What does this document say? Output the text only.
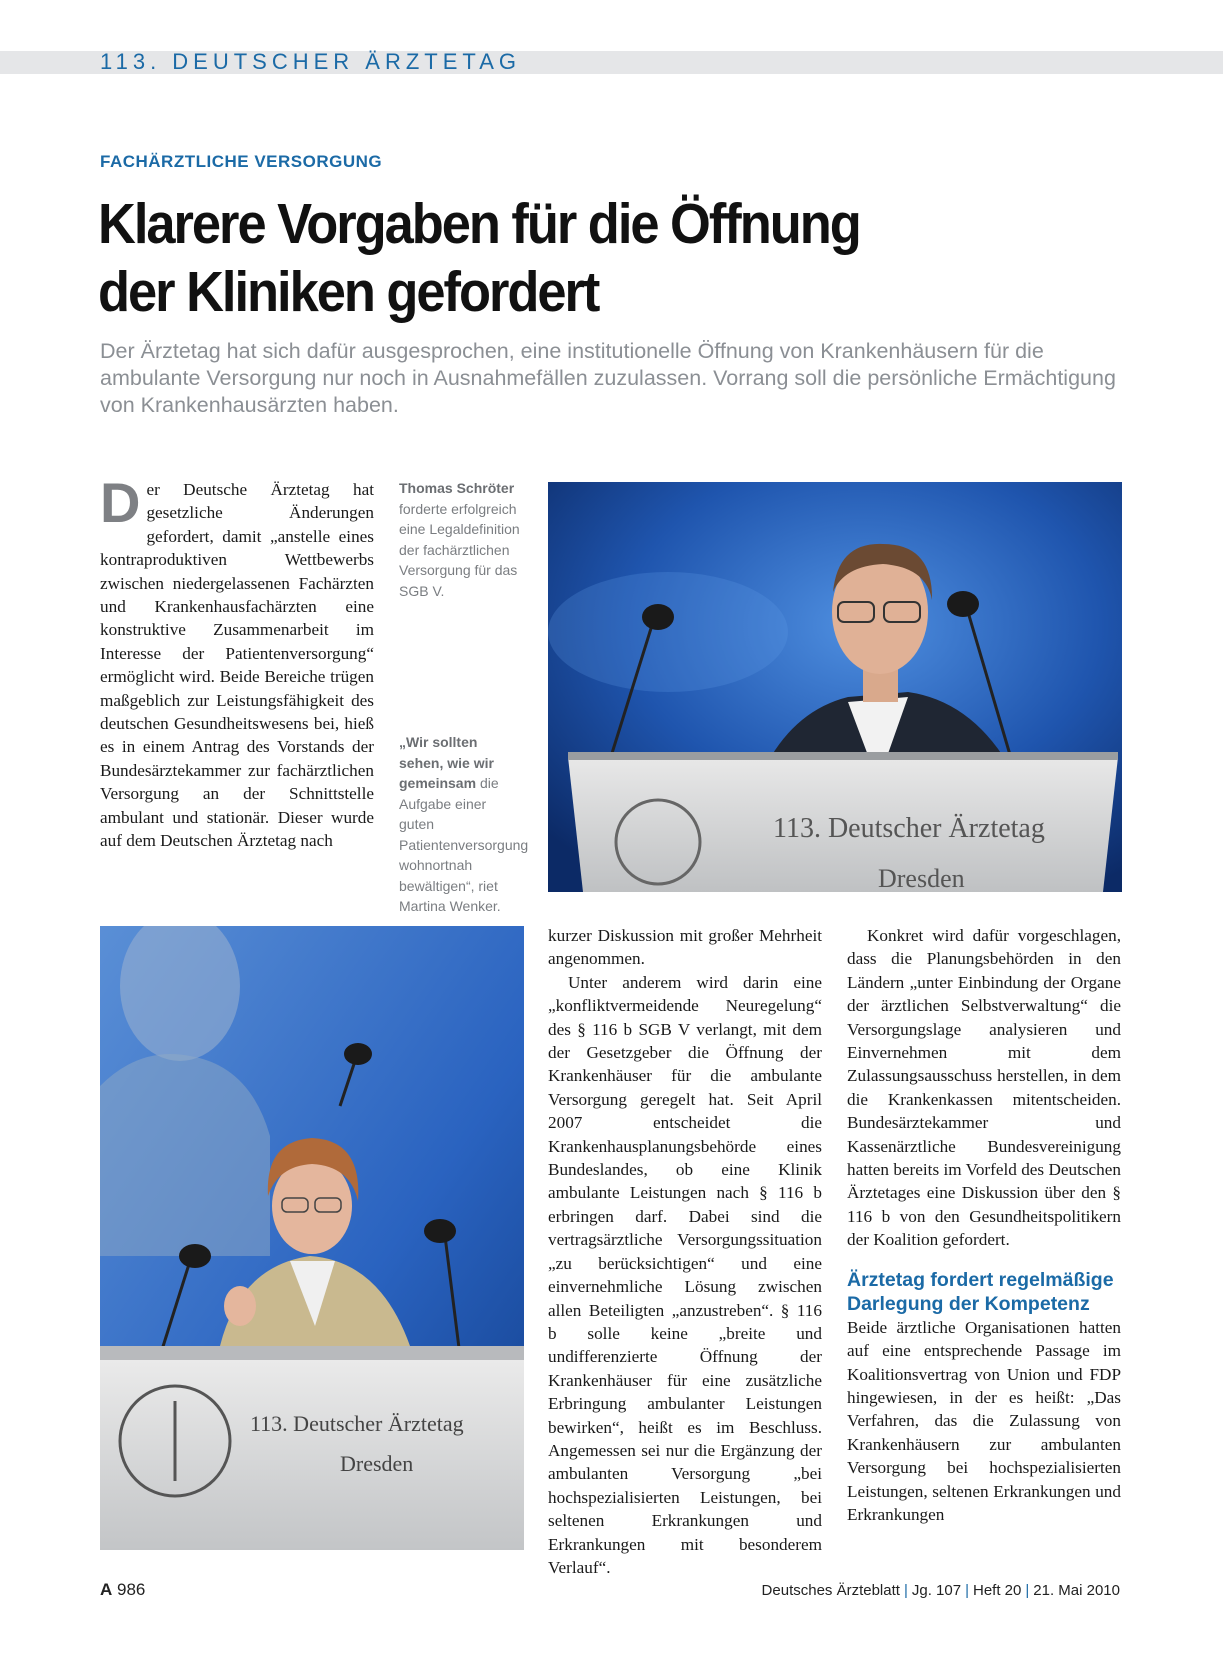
113. DEUTSCHER ÄRZTETAG
FACHÄRZTLICHE VERSORGUNG
Klarere Vorgaben für die Öffnung
der Kliniken gefordert
Der Ärztetag hat sich dafür ausgesprochen, eine institutionelle Öffnung von Krankenhäusern für die ambulante Versorgung nur noch in Ausnahmefällen zuzulassen. Vorrang soll die persönliche Ermächtigung von Krankenhausärzten haben.
D er Deutsche Ärztetag hat gesetzliche Änderungen gefordert, damit „anstelle eines kontraproduktiven Wettbewerbs zwischen niedergelassenen Fachärzten und Krankenhausfachärzten eine konstruktive Zusammenarbeit im Interesse der Patientenversorgung“ ermöglicht wird. Beide Bereiche trügen maßgeblich zur Leistungsfähigkeit des deutschen Gesundheitswesens bei, hieß es in einem Antrag des Vorstands der Bundesärztekammer zur fachärztlichen Versorgung an der Schnittstelle ambulant und stationär. Dieser wurde auf dem Deutschen Ärztetag nach

Thomas Schröter forderte erfolgreich eine Legaldefinition der fachärztlichen Versorgung für das SGB V.
„Wir sollten sehen, wie wir gemeinsam die Aufgabe einer guten Patientenversorgung wohnortnah bewältigen“, riet Martina Wenker.
113. Deutscher Ärztetag
Dresden
113. Deutscher Ärztetag
Dresden

kurzer Diskussion mit großer Mehrheit angenommen.

Unter anderem wird darin eine „konfliktvermeidende Neuregelung“ des § 116 b SGB V verlangt, mit dem der Gesetzgeber die Öffnung der Krankenhäuser für die ambulante Versorgung geregelt hat. Seit April 2007 entscheidet die Krankenhausplanungsbehörde eines Bundeslandes, ob eine Klinik ambulante Leistungen nach § 116 b erbringen darf. Dabei sind die vertragsärztliche Versorgungssituation „zu berücksichtigen“ und eine einvernehmliche Lösung zwischen allen Beteiligten „anzustreben“. § 116 b solle keine „breite und undifferenzierte Öffnung der Krankenhäuser für eine zusätzliche Erbringung ambulanter Leistungen bewirken“, heißt es im Beschluss. Angemessen sei nur die Ergänzung der ambulanten Versorgung „bei hochspezialisierten Leistungen, bei seltenen Erkrankungen und Erkrankungen mit besonderem Verlauf“.

Konkret wird dafür vorgeschlagen, dass die Planungsbehörden in den Ländern „unter Einbindung der Organe der ärztlichen Selbstverwaltung“ die Versorgungslage analysieren und Einvernehmen mit dem Zulassungsausschuss herstellen, in dem die Krankenkassen mitentscheiden. Bundesärztekammer und Kassenärztliche Bundesvereinigung hatten bereits im Vorfeld des Deutschen Ärztetages eine Diskussion über den § 116 b von den Gesundheitspolitikern der Koalition gefordert.

Ärztetag fordert regelmäßige Darlegung der Kompetenz

Beide ärztliche Organisationen hatten auf eine entsprechende Passage im Koalitionsvertrag von Union und FDP hingewiesen, in der es heißt: „Das Verfahren, das die Zulassung von Krankenhäusern zur ambulanten Versorgung bei hochspezialisierten Leistungen, seltenen Erkrankungen und Erkrankungen

A 986	Deutsches Ärzteblatt | Jg. 107 | Heft 20 | 21. Mai 2010
